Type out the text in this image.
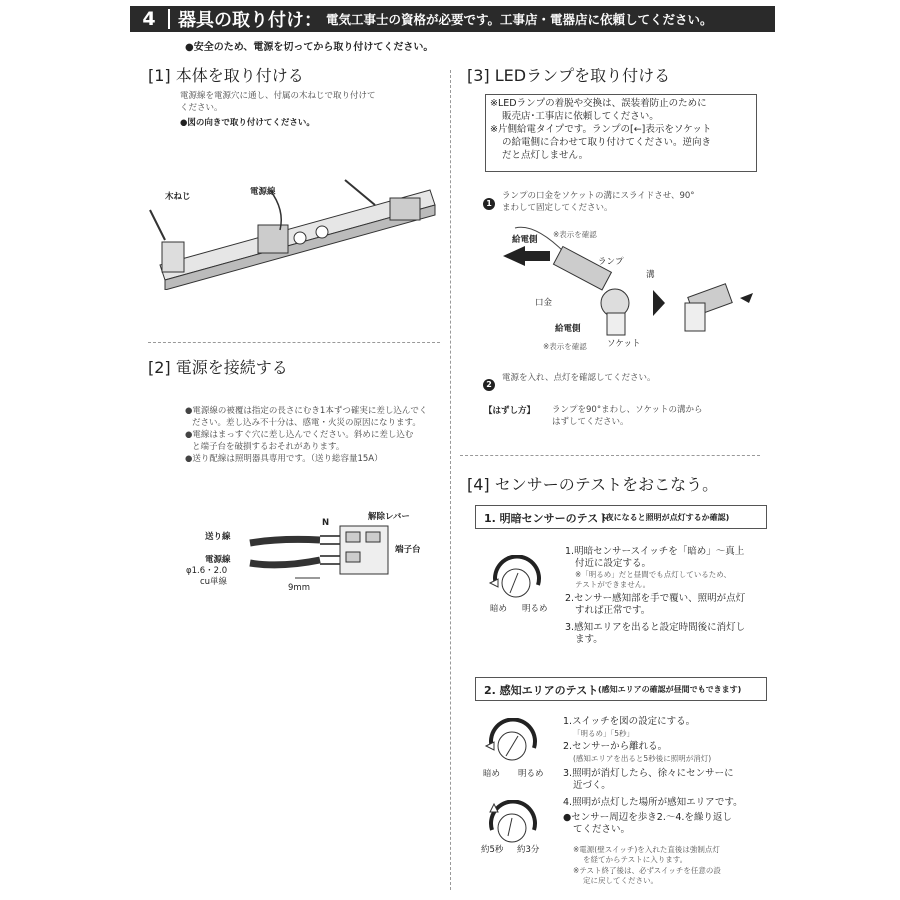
4	器具の取り付け： 電気工事士の資格が必要です。工事店・電器店に依頼してください。
●安全のため、電源を切ってから取り付けてください。
[1] 本体を取り付ける
電源線を電源穴に通し、付属の木ねじで取り付けて
ください。
●図の向きで取り付けてください。
木ねじ	電源線
[2] 電源を接続する
●電源線の被覆は指定の長さにむき1本ずつ確実に差し込んでく
ださい。差し込み不十分は、感電・火災の原因になります。
●電線はまっすぐ穴に差し込んでください。斜めに差し込む
と端子台を破損するおそれがあります。
●送り配線は照明器具専用です。（送り総容量15A）
送り線
電源線
φ1.6・2.0
cu単線
N
解除レバー
端子台
9mm
[3] LEDランプを取り付ける
※LEDランプの着脱や交換は、誤装着防止のために
販売店･工事店に依頼してください。
※片側給電タイプです。ランプの[←]表示をソケット
の給電側に合わせて取り付けてください。逆向き
だと点灯しません。
1
ランプの口金をソケットの溝にスライドさせ、90°
まわして固定してください。
給電側
※表示を確認
ランプ
溝
口金
給電側
※表示を確認 ソケット
2
電源を入れ、点灯を確認してください。
【はずし方】 ランプを90°まわし、ソケットの溝から
はずしてください。
[4] センサーのテストをおこなう。
1. 明暗センサーのテスト
(夜になると照明が点灯するか確認)
暗め 明るめ
1.明暗センサースイッチを「暗め」～真上
付近に設定する。
※「明るめ」だと昼間でも点灯しているため、
テストができません。
2.センサー感知部を手で覆い、照明が点灯
すれば正常です。
3.感知エリアを出ると設定時間後に消灯し
ます。
2. 感知エリアのテスト (感知エリアの確認が昼間でもできます)
暗め 明るめ
約5秒 約3分
1.スイッチを図の設定にする。
「明るめ」「5秒」
2.センサーから離れる。
(感知エリアを出ると5秒後に照明が消灯)
3.照明が消灯したら、徐々にセンサーに
近づく。
4.照明が点灯した場所が感知エリアです。
●センサー周辺を歩き2.～4.を繰り返し
てください。
※電源(壁スイッチ)を入れた直後は強制点灯
を経てからテストに入ります。
※テスト終了後は、必ずスイッチを任意の設
定に戻してください。
